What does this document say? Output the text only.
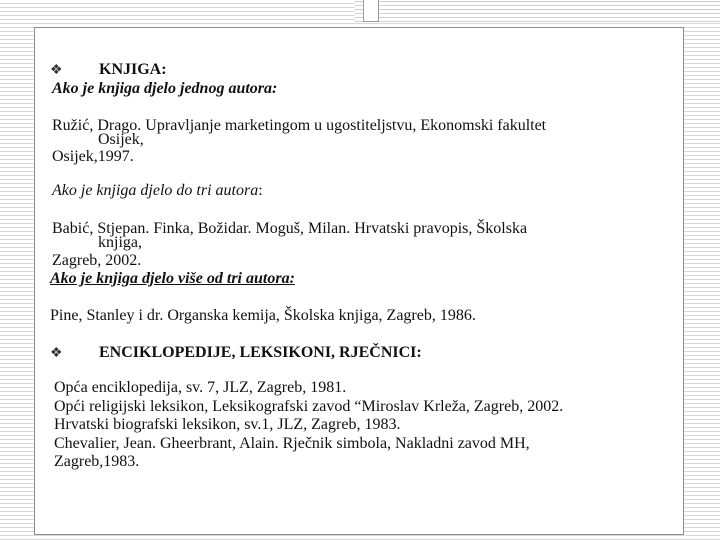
❖ KNJIGA:
Ako je knjiga djelo jednog autora:
Ružić, Drago. Upravljanje marketingom u ugostiteljstvu, Ekonomski fakultet
Osijek,
Osijek,1997.
Ako je knjiga djelo do tri autora:
Babić, Stjepan. Finka, Božidar. Moguš, Milan. Hrvatski pravopis, Školska
knjiga,
Zagreb, 2002.
Ako je knjiga djelo više od tri autora:
Pine, Stanley i dr. Organska kemija, Školska knjiga, Zagreb, 1986.
❖ ENCIKLOPEDIJE, LEKSIKONI, RJEČNICI:
Opća enciklopedija, sv. 7, JLZ, Zagreb, 1981.
Opći religijski leksikon, Leksikografski zavod “Miroslav Krleža, Zagreb, 2002.
Hrvatski biografski leksikon, sv.1, JLZ, Zagreb, 1983.
Chevalier, Jean. Gheerbrant, Alain. Rječnik simbola, Nakladni zavod MH,
Zagreb,1983.
